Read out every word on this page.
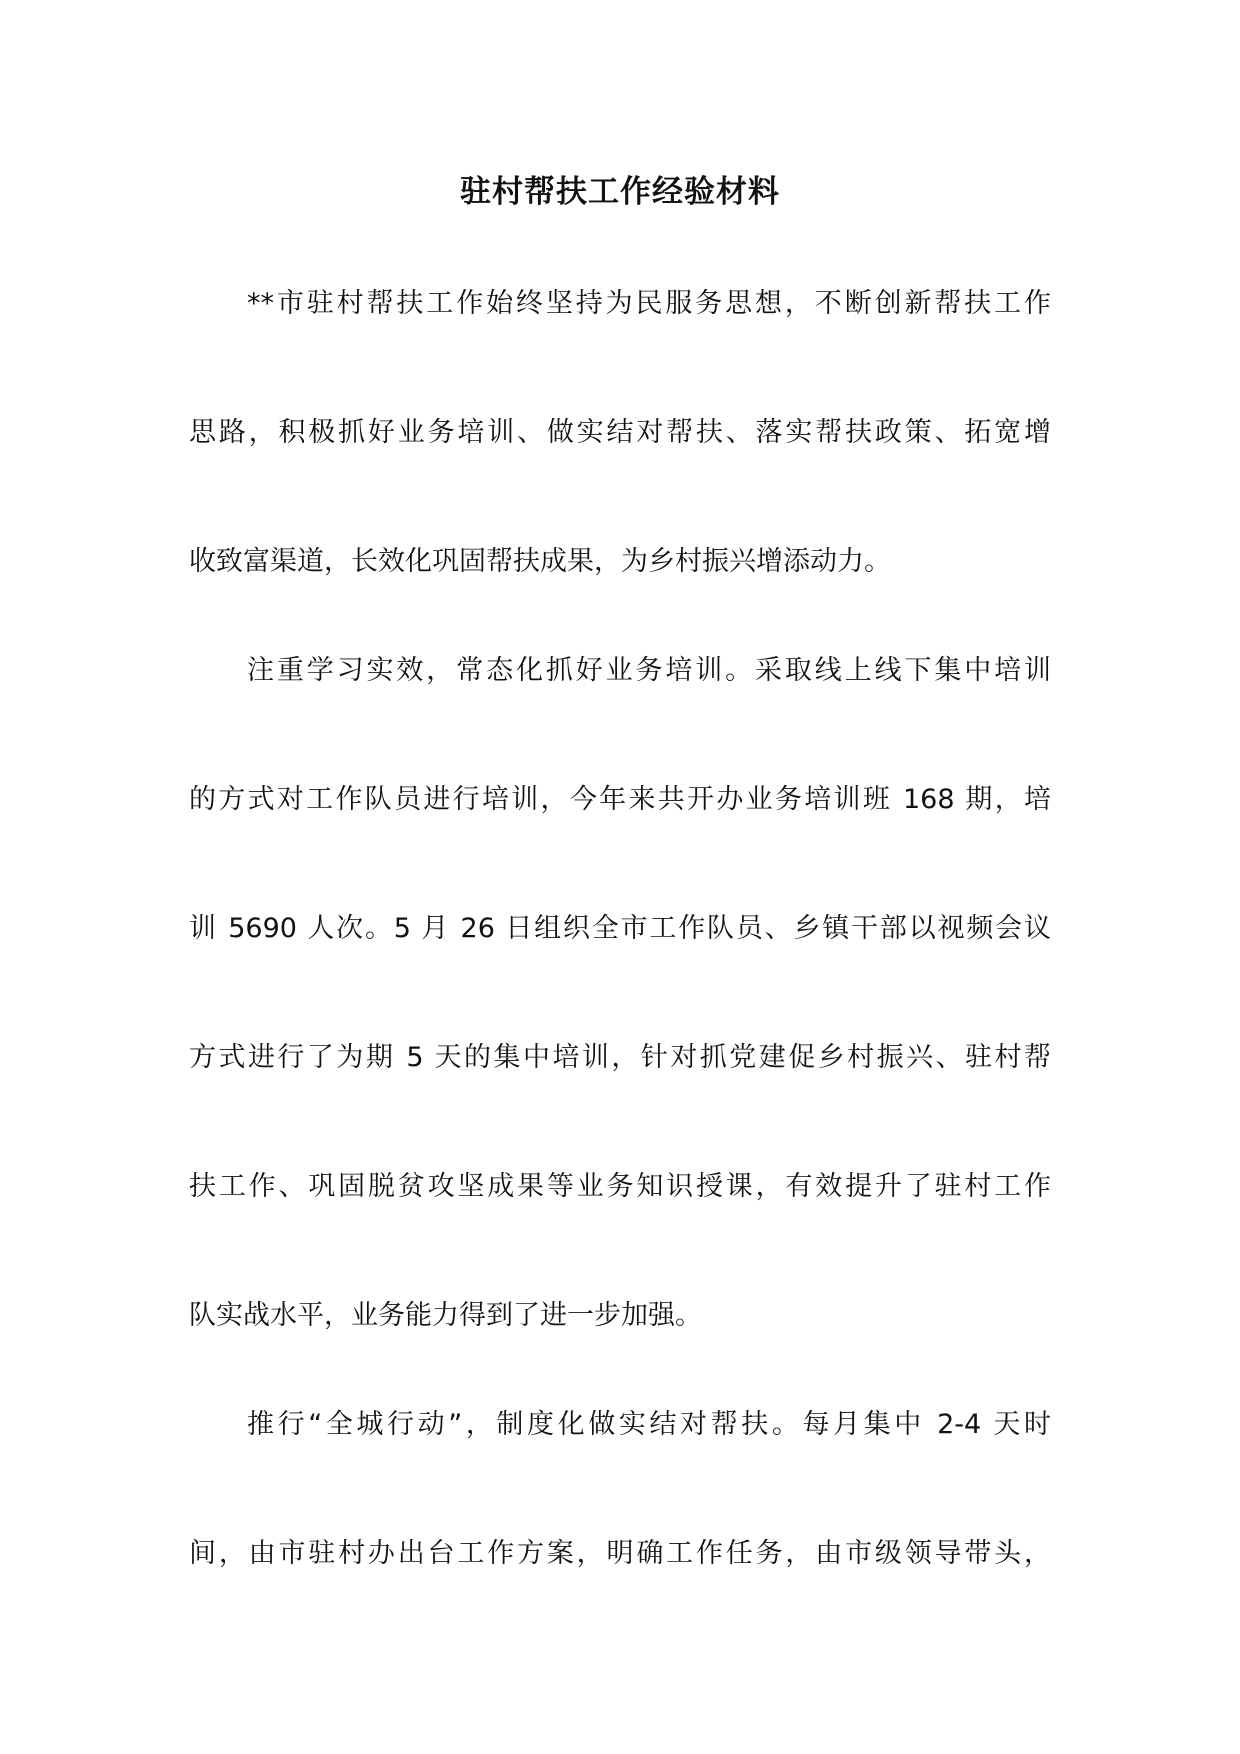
驻村帮扶工作经验材料
**市驻村帮扶工作始终坚持为民服务思想，不断创新帮扶工作
思路，积极抓好业务培训、做实结对帮扶、落实帮扶政策、拓宽增
收致富渠道，长效化巩固帮扶成果，为乡村振兴增添动力。
注重学习实效，常态化抓好业务培训。采取线上线下集中培训
的方式对工作队员进行培训，今年来共开办业务培训班 168 期，培
训 5690 人次。5 月 26 日组织全市工作队员、乡镇干部以视频会议
方式进行了为期 5 天的集中培训，针对抓党建促乡村振兴、驻村帮
扶工作、巩固脱贫攻坚成果等业务知识授课，有效提升了驻村工作
队实战水平，业务能力得到了进一步加强。
推行“全城行动”，制度化做实结对帮扶。每月集中 2-4 天时
间，由市驻村办出台工作方案，明确工作任务，由市级领导带头，
